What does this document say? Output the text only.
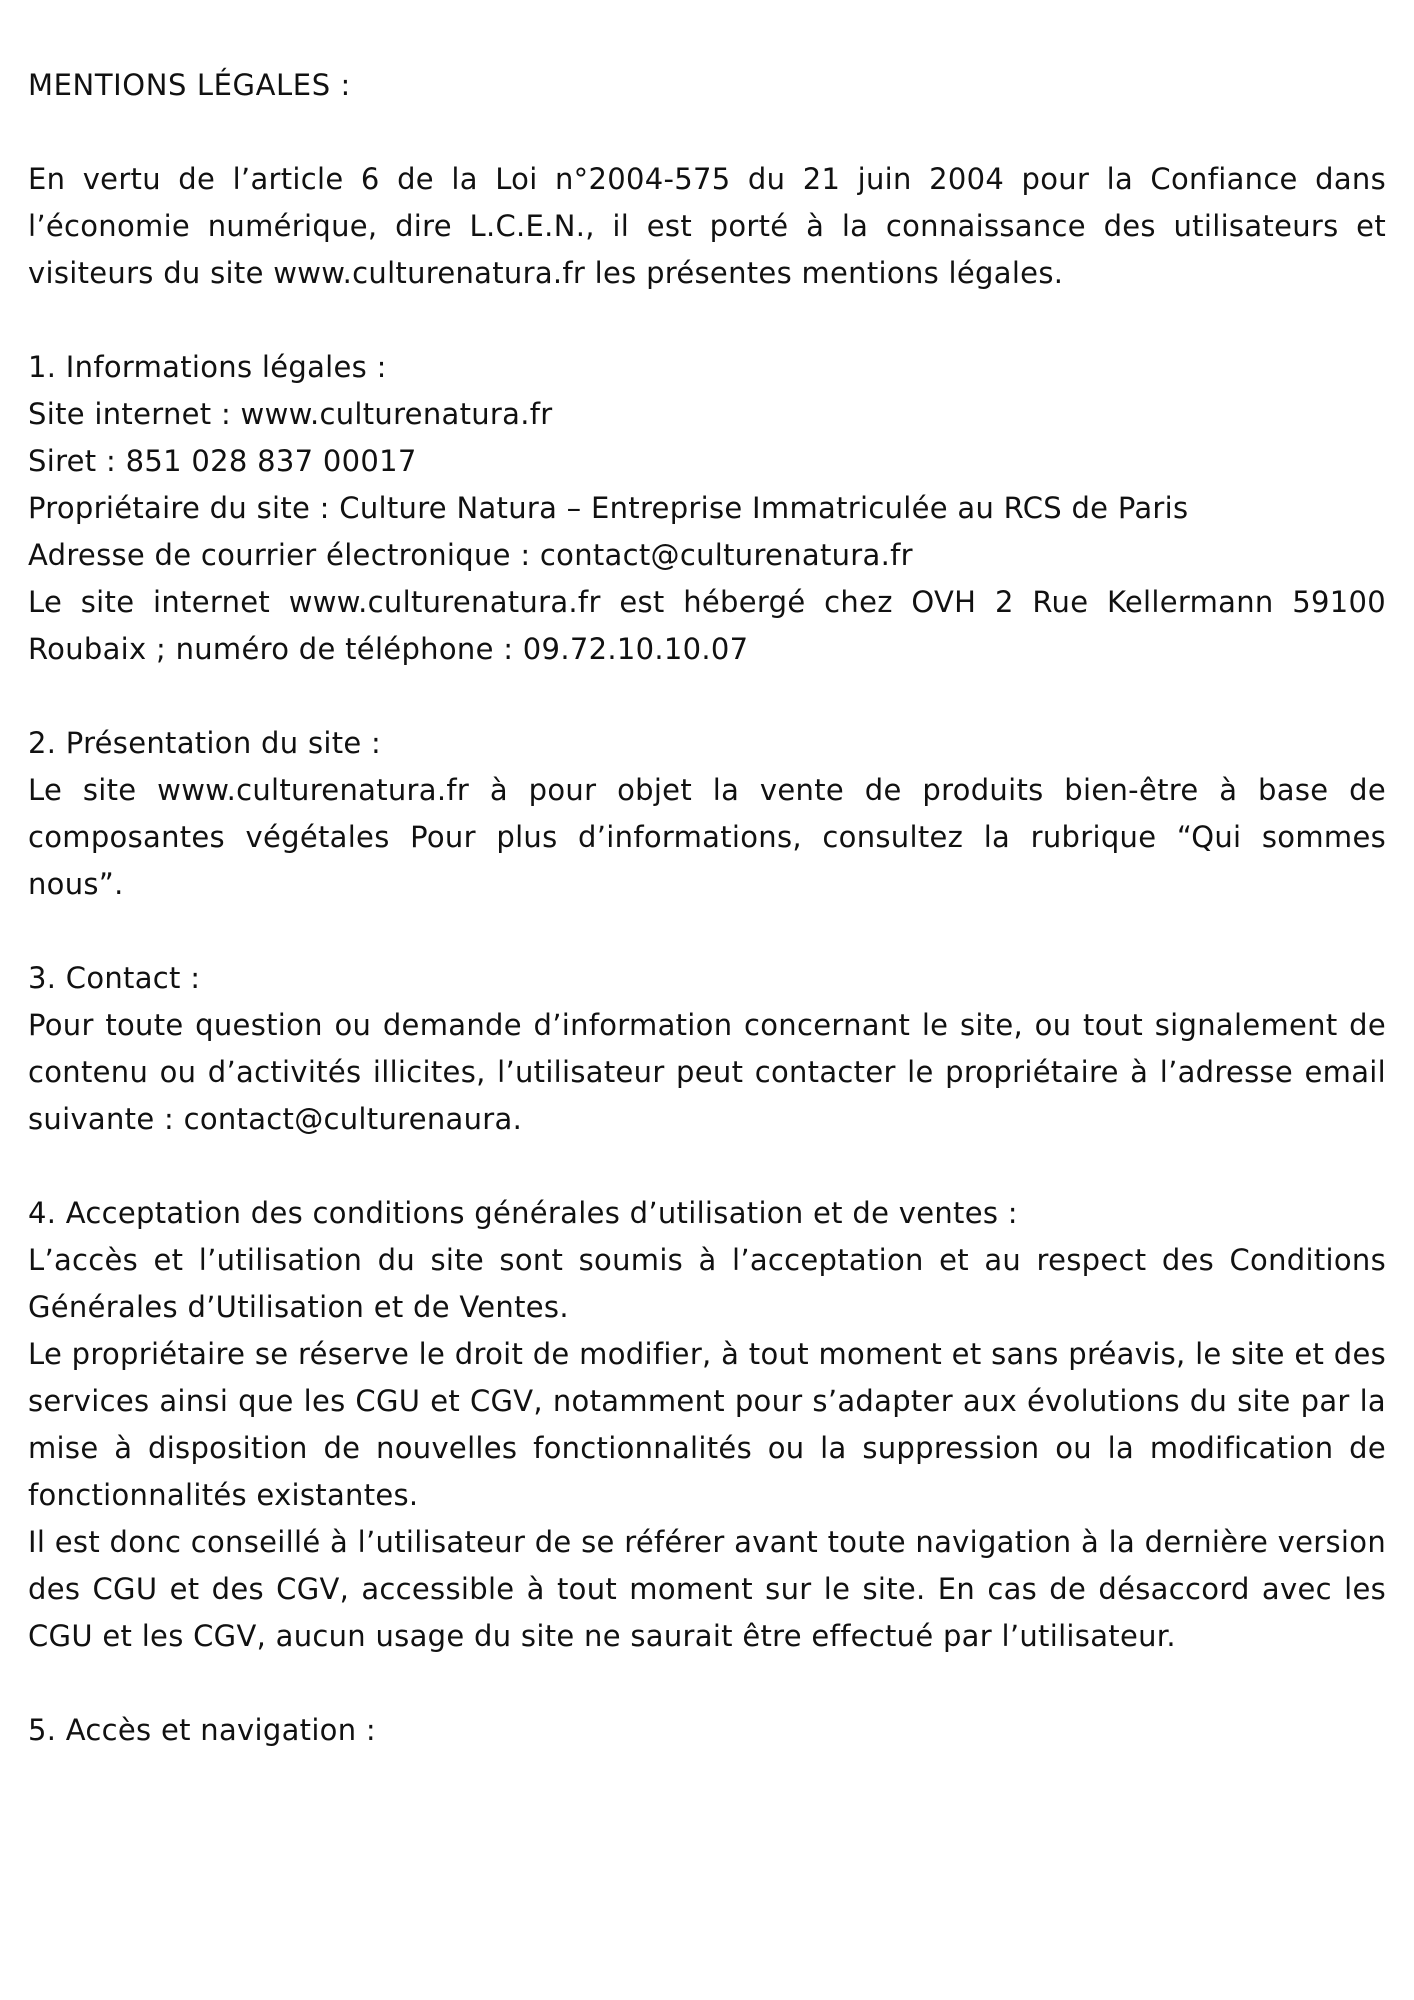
MENTIONS LÉGALES :

En vertu de l’article 6 de la Loi n°2004-575 du 21 juin 2004 pour la Confiance dans l’économie numérique, dire L.C.E.N., il est porté à la connaissance des utilisateurs et visiteurs du site www.culturenatura.fr les présentes mentions légales.

1. Informations légales :

Site internet : www.culturenatura.fr

Siret : 851 028 837 00017

Propriétaire du site : Culture Natura – Entreprise Immatriculée au RCS de Paris

Adresse de courrier électronique : contact@culturenatura.fr

Le site internet www.culturenatura.fr est hébergé chez OVH 2 Rue Kellermann 59100 Roubaix ; numéro de téléphone : 09.72.10.10.07

2. Présentation du site :

Le site www.culturenatura.fr à pour objet la vente de produits bien-être à base de composantes végétales Pour plus d’informations, consultez la rubrique “Qui sommes nous”.

3. Contact :

Pour toute question ou demande d’information concernant le site, ou tout signalement de contenu ou d’activités illicites, l’utilisateur peut contacter le propriétaire à l’adresse email suivante : contact@culturenaura.

4. Acceptation des conditions générales d’utilisation et de ventes :

L’accès et l’utilisation du site sont soumis à l’acceptation et au respect des Conditions Générales d’Utilisation et de Ventes.

Le propriétaire se réserve le droit de modifier, à tout moment et sans préavis, le site et des services ainsi que les CGU et CGV, notamment pour s’adapter aux évolutions du site par la mise à disposition de nouvelles fonctionnalités ou la suppression ou la modification de fonctionnalités existantes.

Il est donc conseillé à l’utilisateur de se référer avant toute navigation à la dernière version des CGU et des CGV, accessible à tout moment sur le site. En cas de désaccord avec les CGU et les CGV, aucun usage du site ne saurait être effectué par l’utilisateur.

5. Accès et navigation :
